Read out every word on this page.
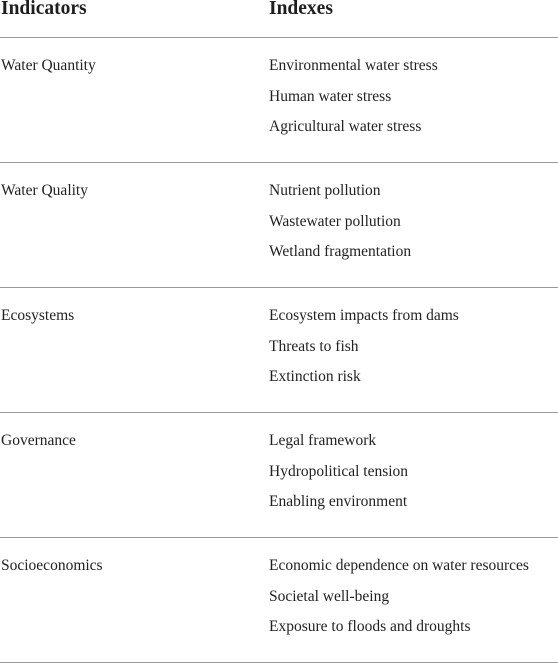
Indicators	Indexes
Water Quantity	Environmental water stress
Human water stress
Agricultural water stress
Water Quality	Nutrient pollution
Wastewater pollution
Wetland fragmentation
Ecosystems	Ecosystem impacts from dams
Threats to fish
Extinction risk
Governance	Legal framework
Hydropolitical tension
Enabling environment
Socioeconomics	Economic dependence on water resources
Societal well-being
Exposure to floods and droughts
